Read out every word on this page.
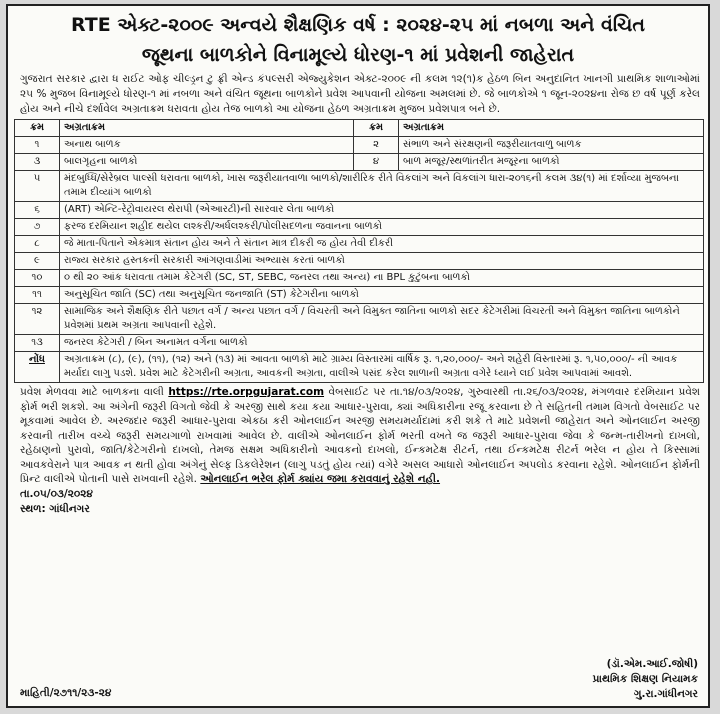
RTE એક્ટ-૨૦૦૯ અન્વયે શૈક્ષણિક વર્ષ : ૨૦૨૪-૨૫ માં નબળા અને વંચિત
જૂથના બાળકોને વિનામૂલ્યે ધોરણ-૧ માં પ્રવેશની જાહેરાત
ગુજરાત સરકાર દ્વારા ધ રાઈટ ઓફ ચીલ્ડ્રન ટુ ફ્રી એન્ડ કંપલ્સરી એજ્યુકેશન એક્ટ-૨૦૦૯ ની કલમ ૧૨(૧)ક હેઠળ બિન અનુદાનિત ખાનગી પ્રાથમિક શાળાઓમાં ૨૫ % મુજબ વિનામૂલ્યે ધોરણ-૧ માં નબળા અને વંચિત જૂથના બાળકોને પ્રવેશ આપવાની યોજના અમલમાં છે. જે બાળકોએ ૧ જૂન-૨૦૨૪ના રોજ છ વર્ષ પૂર્ણ કરેલ હોય અને નીચે દર્શાવેલ અગ્રતાક્રમ ધરાવતા હોય તેજ બાળકો આ યોજના હેઠળ અગ્રતાક્રમ મુજબ પ્રવેશપાત્ર બને છે.
ક્રમ	અગ્રતાક્રમ	ક્રમ	અગ્રતાક્રમ
૧	અનાથ બાળક	૨	સંભાળ અને સંરક્ષણની જરૂરીયાતવાળુ બાળક
૩	બાલગૃહના બાળકો	૪	બાળ મજૂર/સ્થળાંતરીત મજૂરના બાળકો
૫	મંદબુધ્ધિ/સેરેબ્રલ પાલ્સી ધરાવતા બાળકો, ખાસ જરૂરીયાતવાળા બાળકો/શારીરિક રીતે વિકલાંગ અને વિકલાંગ ધારા-૨૦૧૬ની કલમ ૩૪(૧) માં દર્શાવ્યા મુજબના તમામ દીવ્યાંગ બાળકો		
૬	(ART) એન્ટિ-રેટ્રોવાયરલ થેરાપી (એઆરટી)ની સારવાર લેતા બાળકો		
૭	ફરજ દરમિયાન શહીદ થયેલ લશ્કરી/અર્ધલશ્કરી/પોલીસદળના જવાનના બાળકો		
૮	જે માતા-પિતાને એકમાત્ર સંતાન હોય અને તે સંતાન માત્ર દીકરી જ હોય તેવી દીકરી		
૯	રાજ્ય સરકાર હસ્તકની સરકારી આંગણવાડીમાં અભ્યાસ કરતાં બાળકો		
૧૦	૦ થી ૨૦ આંક ધરાવતા તમામ કેટેગરી (SC, ST, SEBC, જનરલ તથા અન્ય) ના BPL કુટુંબના બાળકો		
૧૧	અનુસૂચિત જાતિ (SC) તથા અનુસૂચિત જનજાતિ (ST) કેટેગરીના બાળકો		
૧૨	સામાજિક અને શૈક્ષણિક રીતે પછાત વર્ગ / અન્ય પછાત વર્ગ / વિચરતી અને વિમુક્ત જાતિના બાળકો સદર કેટેગરીમાં વિચરતી અને વિમુક્ત જાતિના બાળકોને પ્રવેશમાં પ્રથમ અગ્રતા આપવાની રહેશે.		
૧૩	જનરલ કેટેગરી / બિન અનામત વર્ગના બાળકો		
નોંધ	અગ્રતાક્રમ (૮), (૯), (૧૧), (૧૨) અને (૧૩) માં આવતા બાળકો માટે ગ્રામ્ય વિસ્તારમાં વાર્ષિક રૂ. ૧,૨૦,૦૦૦/- અને શહેરી વિસ્તારમાં રૂ. ૧,૫૦,૦૦૦/- ની આવક મર્યાદા લાગુ પડશે. પ્રવેશ માટે કેટેગરીની અગ્રતા, આવકની અગ્રતા, વાલીએ પસંદ કરેલ શાળાની અગ્રતા વગેરે ધ્યાને લઈ પ્રવેશ આપવામાં આવશે.		
પ્રવેશ મેળવવા માટે બાળકના વાલી https://rte.orpgujarat.com વેબસાઈટ પર તા.૧૪/૦૩/૨૦૨૪, ગુરુવારથી તા.૨૬/૦૩/૨૦૨૪, મંગળવાર દરમિયાન પ્રવેશ ફોર્મ ભરી શકશે. આ અંગેની જરૂરી વિગતો જેવી કે અરજી સાથે કયા કયા આધાર-પુરાવા, ક્યાં અધિકારીના રજૂ કરવાના છે તે સહિતની તમામ વિગતો વેબસાઈટ પર મૂકવામાં આવેલ છે. અરજદાર જરૂરી આધાર-પુરાવા એકઠા કરી ઓનલાઈન અરજી સમયમર્યાદામાં કરી શકે તે માટે પ્રવેશની જાહેરાત અને ઓનલાઈન અરજી કરવાની તારીખ વચ્ચે જરૂરી સમયગાળો રાખવામાં આવેલ છે. વાલીએ ઓનલાઈન ફોર્મ ભરતી વખતે જ જરૂરી આધાર-પુરાવા જેવા કે જન્મ-તારીખનો દાખલો, રહેઠાણનો પુરાવો, જાતિ/કેટેગરીનો દાખલો, તેમજ સક્ષમ અધિકારીનો આવકનો દાખલો, ઈન્કમટેક્ષ રીટર્ન, તથા ઈન્કમટેક્ષ રીટર્ન ભરેલ ન હોય તે કિસ્સામાં આવકવેરાને પાત્ર આવક ન થતી હોવા અંગેનું સેલ્ફ ડિકલેરેશન (લાગુ પડતું હોય ત્યાં) વગેરે અસલ આધારો ઓનલાઈન અપલોડ કરવાના રહેશે. ઓનલાઈન ફોર્મની પ્રિન્ટ વાલીએ પોતાની પાસે રાખવાની રહેશે. ઓનલાઈન ભરેલ ફોર્મ ક્યાંય જમા કરાવવાનું રહેશે નહી.
તા.૦૫/૦૩/૨૦૨૪
સ્થળ: ગાંધીનગર
માહિતી/૨૭૧૧/૨૩-૨૪
(ડૉ.એમ.આઈ.જોષી)
પ્રાથમિક શિક્ષણ નિયામક
ગુ.રા.ગાંધીનગર
